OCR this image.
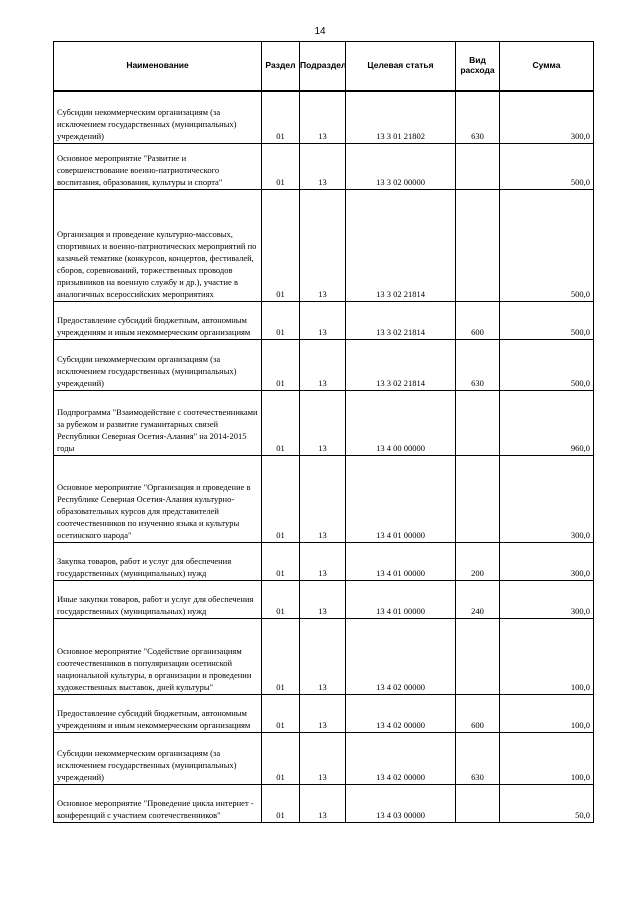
14
Наименование	Раздел	Подраздел	Целевая статья	Вид расхода	Сумма
Субсидии некоммерческим организациям (за исключением государственных (муниципальных) учреждений)	01	13	13 3 01 21802	630	300,0
Основное мероприятие "Развитие и совершенствование военно-патриотического воспитания, образования, культуры и спорта"	01	13	13 3 02 00000		500,0
Организация и проведение культурно-массовых, спортивных и военно-патриотических мероприятий по казачьей тематике (конкурсов, концертов, фестивалей, сборов, соревнований, торжественных проводов призывников на военную службу и др.), участие в аналогичных всероссийских мероприятиях	01	13	13 3 02 21814		500,0
Предоставление субсидий бюджетным, автономным учреждениям и иным некоммерческим организациям	01	13	13 3 02 21814	600	500,0
Субсидии некоммерческим организациям (за исключением государственных (муниципальных) учреждений)	01	13	13 3 02 21814	630	500,0
Подпрограмма "Взаимодействие с соотечественниками за рубежом и развитие гуманитарных связей Республики Северная Осетия-Алания" на 2014-2015 годы	01	13	13 4 00 00000		960,0
Основное мероприятие "Организация и проведение в Республике Северная Осетия-Алания культурно-образовательных курсов для представителей соотечественников по изучению языка и культуры осетинского народа"	01	13	13 4 01 00000		300,0
Закупка товаров, работ и услуг для обеспечения государственных (муниципальных) нужд	01	13	13 4 01 00000	200	300,0
Иные закупки товаров, работ и услуг для обеспечения государственных (муниципальных) нужд	01	13	13 4 01 00000	240	300,0
Основное мероприятие "Содействие организациям соотечественников в популяризации осетинской национальной культуры, в организации и проведении художественных выставок, дней культуры"	01	13	13 4 02 00000		100,0
Предоставление субсидий бюджетным, автономным учреждениям и иным некоммерческим организациям	01	13	13 4 02 00000	600	100,0
Субсидии некоммерческим организациям (за исключением государственных (муниципальных) учреждений)	01	13	13 4 02 00000	630	100,0
Основное мероприятие "Проведение цикла интернет - конференций с участием соотечественников"	01	13	13 4 03 00000		50,0
